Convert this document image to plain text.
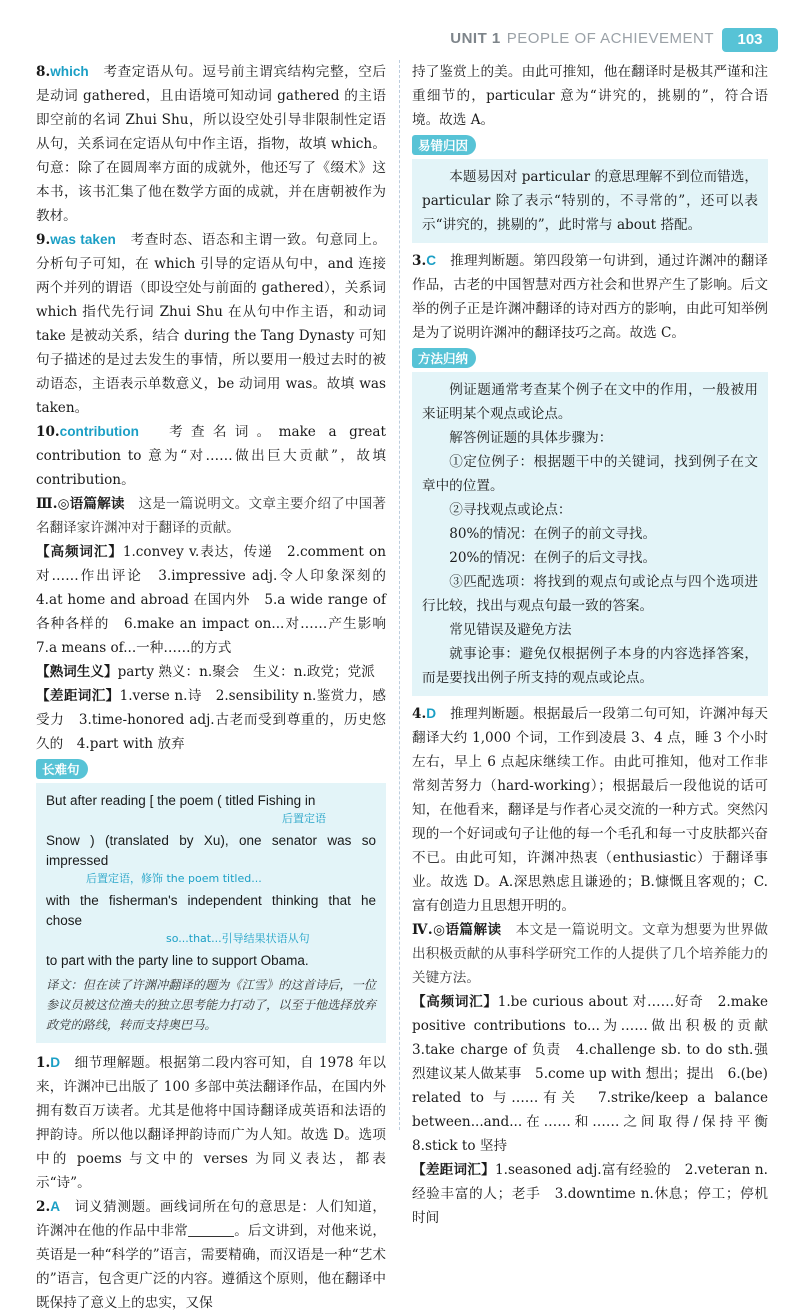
UNIT 1 PEOPLE OF ACHIEVEMENT	103

8.which　 考查定语从句。逗号前主谓宾结构完整，空后是动词 gathered，且由语境可知动词 gathered 的主语即空前的名词 Zhui Shu，所以设空处引导非限制性定语从句，关系词在定语从句中作主语，指物，故填 which。句意：除了在圆周率方面的成就外，他还写了《缀术》这本书，该书汇集了他在数学方面的成就，并在唐朝被作为教材。

9.was taken　 考查时态、语态和主谓一致。句意同上。分析句子可知，在 which 引导的定语从句中，and 连接两个并列的谓语（即设空处与前面的 gathered），关系词 which 指代先行词 Zhui Shu 在从句中作主语，和动词 take 是被动关系，结合 during the Tang Dynasty 可知句子描述的是过去发生的事情，所以要用一般过去时的被动语态，主语表示单数意义，be 动词用 was。故填 was taken。

10.contribution　 考查名词。make a great contribution to 意为“对……做出巨大贡献”，故填 contribution。

Ⅲ.◎语篇解读　 这是一篇说明文。文章主要介绍了中国著名翻译家许渊冲对于翻译的贡献。

【高频词汇】1.convey v.表达，传递　2.comment on 对……作出评论　3.impressive adj.令人印象深刻的　4.at home and abroad 在国内外　5.a wide range of 各种各样的　6.make an impact on...对……产生影响　7.a means of...一种……的方式

【熟词生义】party 熟义：n.聚会　生义：n.政党；党派

【差距词汇】1.verse n.诗　2.sensibility n.鉴赏力，感受力　3.time-honored adj.古老而受到尊重的，历史悠久的　4.part with 放弃

长难句

But after reading [ the poem ( titled Fishing in

后置定语

Snow ) (translated by Xu), one senator was so impressed

后置定语，修饰 the poem titled...

with the fisherman's independent thinking that he chose

so...that...引导结果状语从句

to part with the party line to support Obama.

译文：但在读了许渊冲翻译的题为《江雪》的这首诗后，一位参议员被这位渔夫的独立思考能力打动了，以至于他选择放弃政党的路线，转而支持奥巴马。

1.D　 细节理解题。根据第二段内容可知，自 1978 年以来，许渊冲已出版了 100 多部中英法翻译作品，在国内外拥有数百万读者。尤其是他将中国诗翻译成英语和法语的押韵诗。所以他以翻译押韵诗而广为人知。故选 D。选项中的 poems 与文中的 verses 为同义表达，都表示“诗”。

2.A　 词义猜测题。画线词所在句的意思是：人们知道，许渊冲在他的作品中非常	。后文讲到，对他来说，英语是一种“科学的”语言，需要精确，而汉语是一种“艺术的”语言，包含更广泛的内容。遵循这个原则，他在翻译中既保持了意义上的忠实，又保

持了鉴赏上的美。由此可推知，他在翻译时是极其严谨和注重细节的，particular 意为“讲究的，挑剔的”，符合语境。故选 A。

易错归因

本题易因对 particular 的意思理解不到位而错选，particular 除了表示“特别的，不寻常的”，还可以表示“讲究的，挑剔的”，此时常与 about 搭配。

3.C　 推理判断题。第四段第一句讲到，通过许渊冲的翻译作品，古老的中国智慧对西方社会和世界产生了影响。后文举的例子正是许渊冲翻译的诗对西方的影响，由此可知举例是为了说明许渊冲的翻译技巧之高。故选 C。

方法归纳

例证题通常考查某个例子在文中的作用，一般被用来证明某个观点或论点。

解答例证题的具体步骤为：

①定位例子：根据题干中的关键词，找到例子在文章中的位置。

②寻找观点或论点：

80%的情况：在例子的前文寻找。

20%的情况：在例子的后文寻找。

③匹配选项：将找到的观点句或论点与四个选项进行比较，找出与观点句最一致的答案。

常见错误及避免方法

就事论事：避免仅根据例子本身的内容选择答案，而是要找出例子所支持的观点或论点。

4.D　 推理判断题。根据最后一段第二句可知，许渊冲每天翻译大约 1,000 个词，工作到凌晨 3、4 点，睡 3 个小时左右，早上 6 点起床继续工作。由此可推知，他对工作非常刻苦努力（hard-working）；根据最后一段他说的话可知，在他看来，翻译是与作者心灵交流的一种方式。突然闪现的一个好词或句子让他的每一个毛孔和每一寸皮肤都兴奋不已。由此可知，许渊冲热衷（enthusiastic）于翻译事业。故选 D。A.深思熟虑且谦逊的；B.慷慨且客观的；C.富有创造力且思想开明的。

Ⅳ.◎语篇解读　 本文是一篇说明文。文章为想要为世界做出积极贡献的从事科学研究工作的人提供了几个培养能力的关键方法。

【高频词汇】1.be curious about 对……好奇　2.make positive contributions to...为……做出积极的贡献　3.take charge of 负责　4.challenge sb. to do sth.强烈建议某人做某事　5.come up with 想出；提出　6.(be) related to 与……有关　7.strike/keep a balance between...and...在……和……之间取得/保持平衡　8.stick to 坚持

【差距词汇】1.seasoned adj.富有经验的　2.veteran n.经验丰富的人；老手　3.downtime n.休息；停工；停机时间
